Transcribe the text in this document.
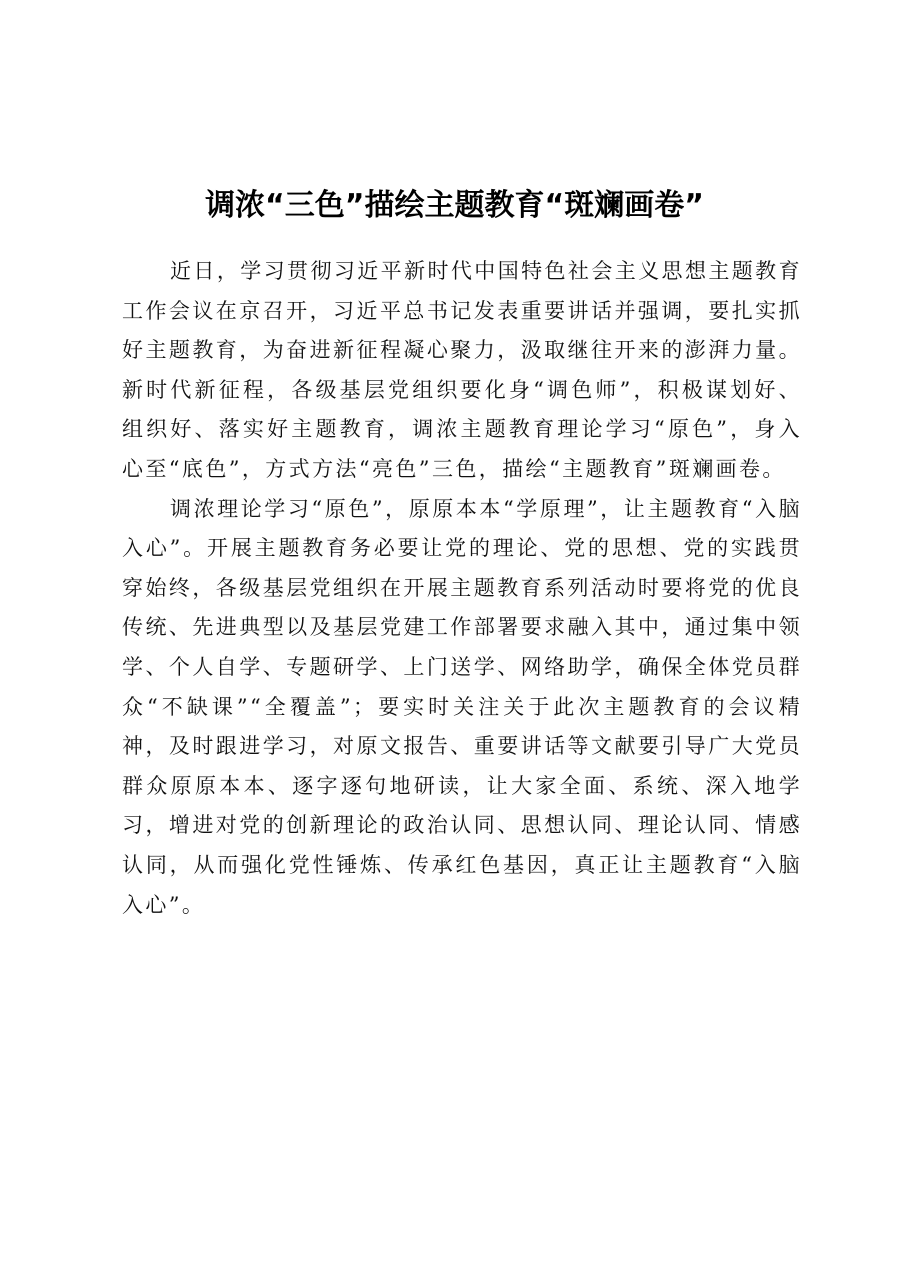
调浓“三色”描绘主题教育“斑斓画卷”

近日，学习贯彻习近平新时代中国特色社会主义思想主题教育工作会议在京召开，习近平总书记发表重要讲话并强调，要扎实抓好主题教育，为奋进新征程凝心聚力，汲取继往开来的澎湃力量。新时代新征程，各级基层党组织要化身“调色师”，积极谋划好、组织好、落实好主题教育，调浓主题教育理论学习“原色”，身入心至“底色”，方式方法“亮色”三色，描绘“主题教育”斑斓画卷。

调浓理论学习“原色”，原原本本“学原理”，让主题教育“入脑入心”。开展主题教育务必要让党的理论、党的思想、党的实践贯穿始终，各级基层党组织在开展主题教育系列活动时要将党的优良传统、先进典型以及基层党建工作部署要求融入其中，通过集中领学、个人自学、专题研学、上门送学、网络助学，确保全体党员群众“不缺课”“全覆盖”；要实时关注关于此次主题教育的会议精神，及时跟进学习，对原文报告、重要讲话等文献要引导广大党员群众原原本本、逐字逐句地研读，让大家全面、系统、深入地学习，增进对党的创新理论的政治认同、思想认同、理论认同、情感认同，从而强化党性锤炼、传承红色基因，真正让主题教育“入脑入心”。
